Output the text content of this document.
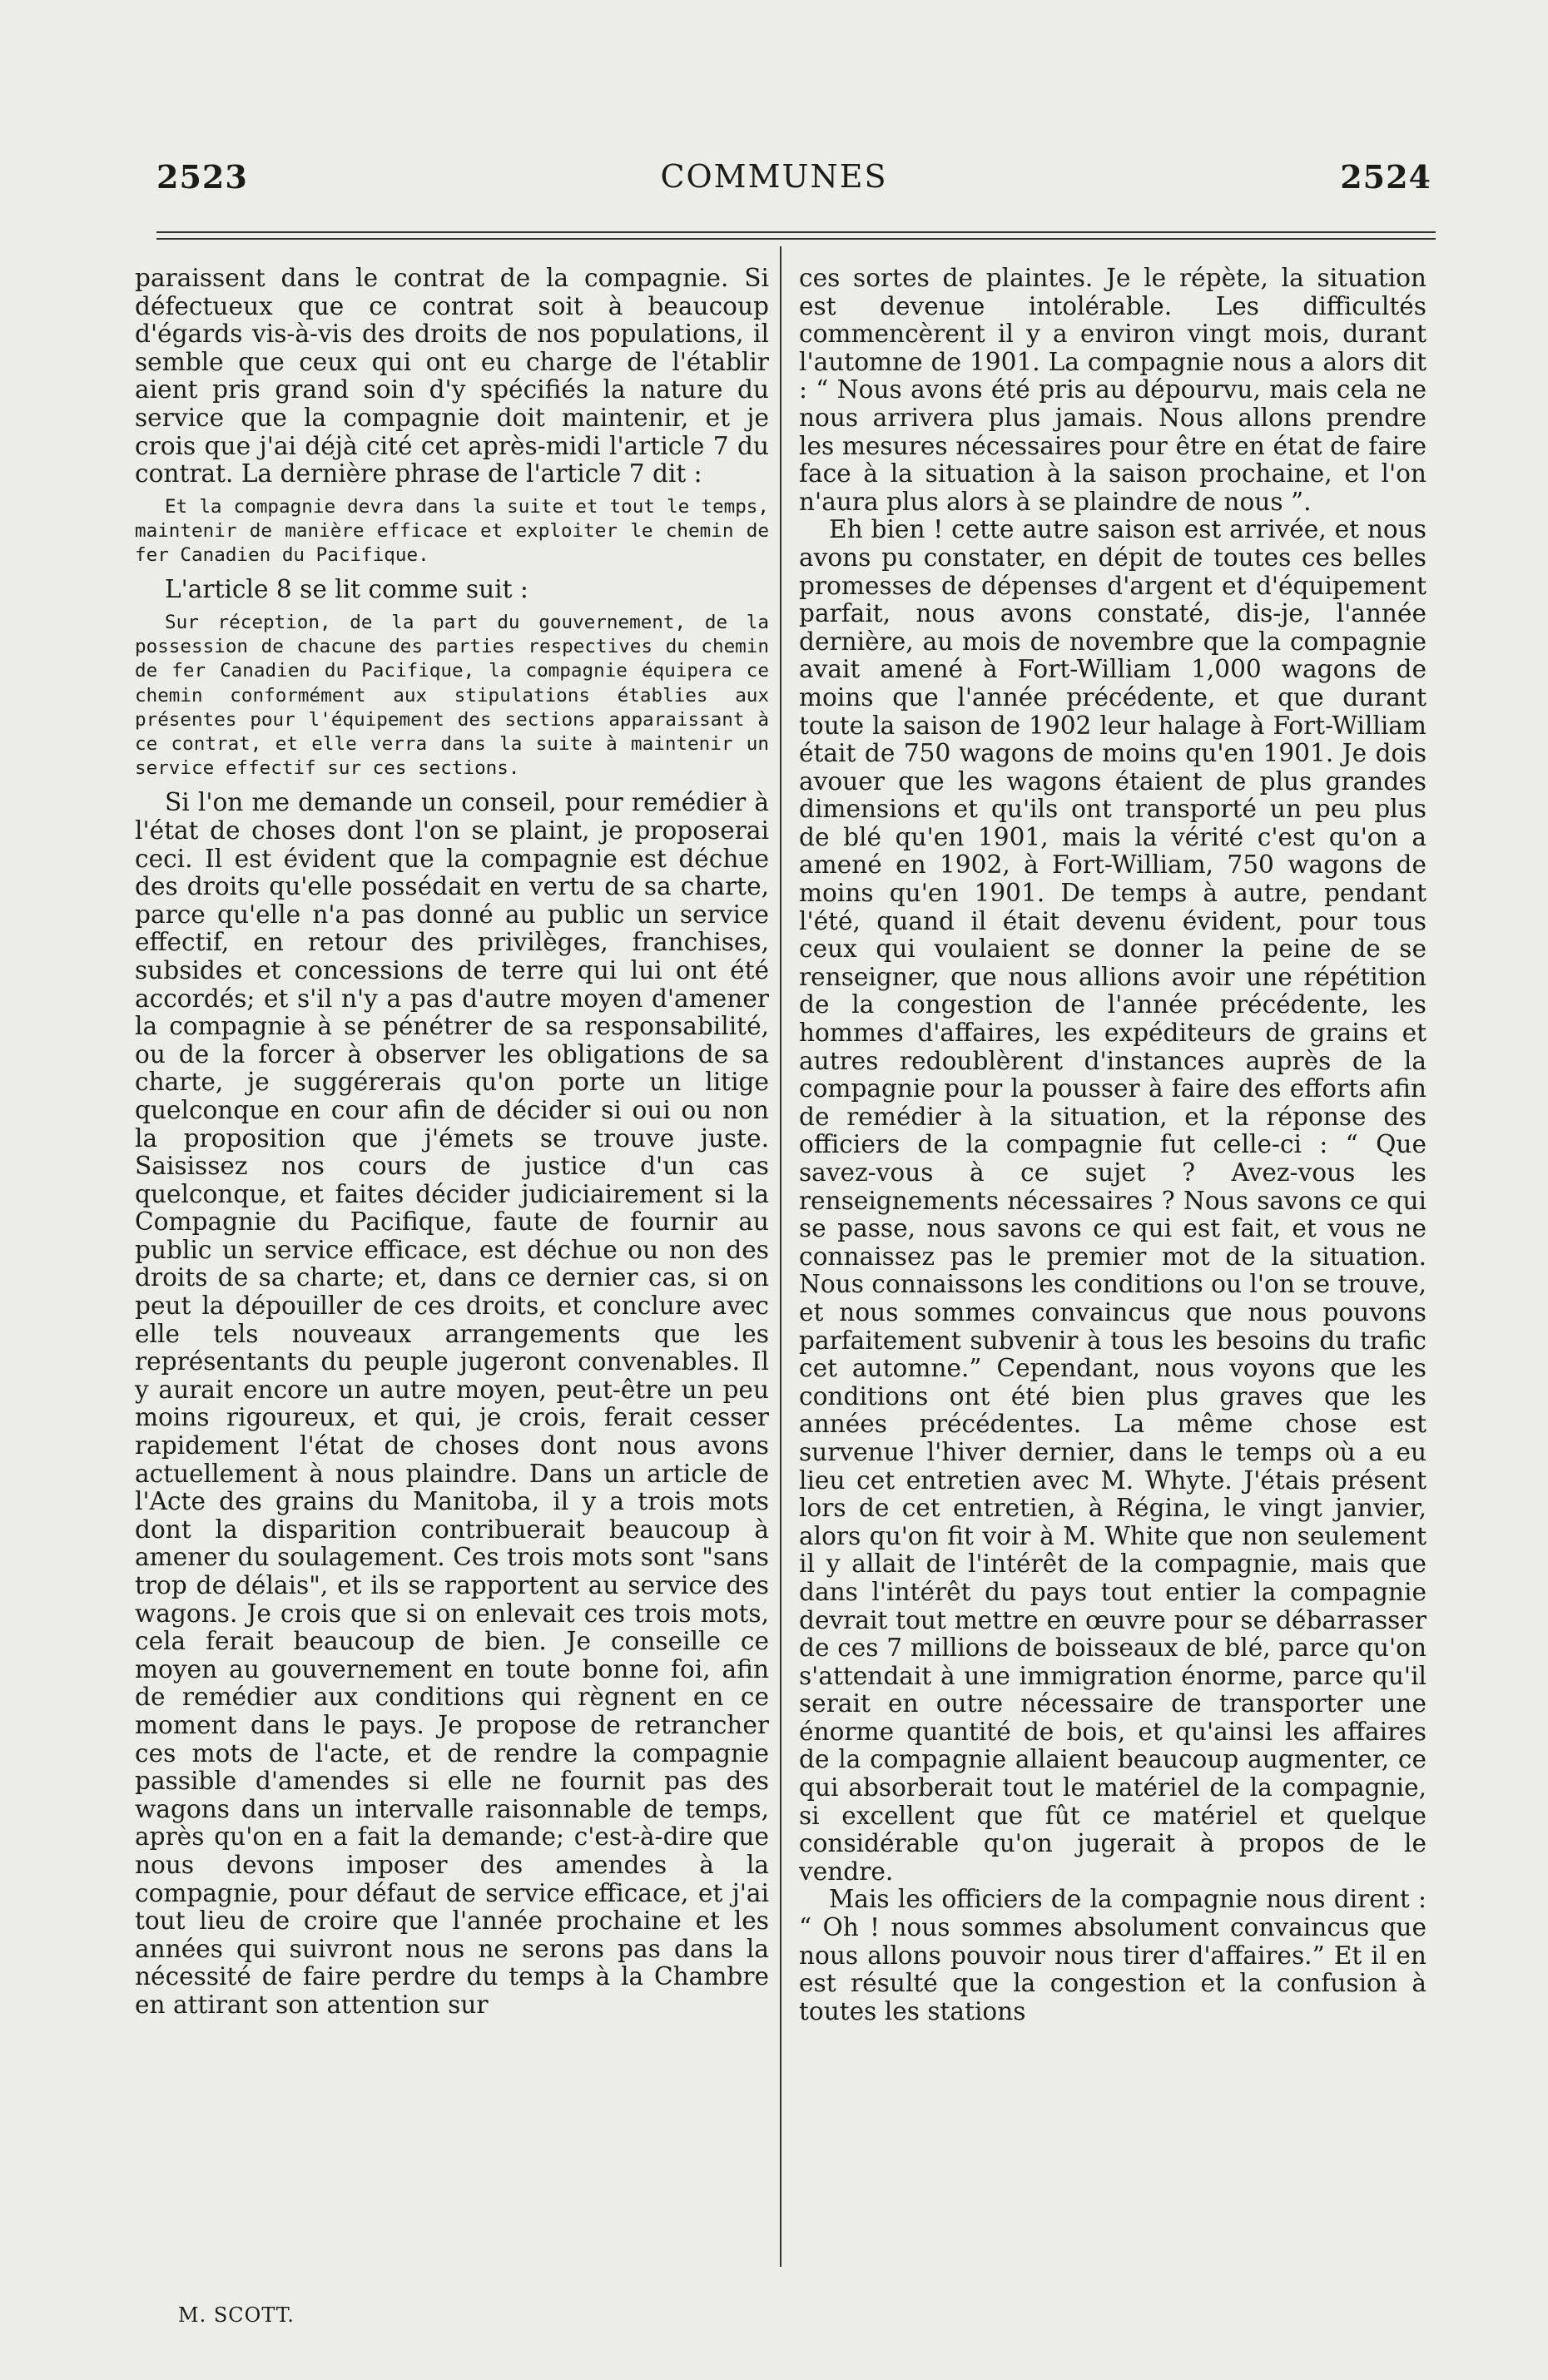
2523	COMMUNES	2524

paraissent dans le contrat de la compagnie. Si défectueux que ce contrat soit à beaucoup d'égards vis-à-vis des droits de nos populations, il semble que ceux qui ont eu charge de l'établir aient pris grand soin d'y spécifiés la nature du service que la compagnie doit maintenir, et je crois que j'ai déjà cité cet après-midi l'article 7 du contrat. La dernière phrase de l'article 7 dit :

Et la compagnie devra dans la suite et tout le temps, maintenir de manière efficace et exploiter le chemin de fer Canadien du Pacifique.

L'article 8 se lit comme suit :

Sur réception, de la part du gouvernement, de la possession de chacune des parties respectives du chemin de fer Canadien du Pacifique, la compagnie équipera ce chemin conformément aux stipulations établies aux présentes pour l'équipement des sections apparaissant à ce contrat, et elle verra dans la suite à maintenir un service effectif sur ces sections.

Si l'on me demande un conseil, pour remédier à l'état de choses dont l'on se plaint, je proposerai ceci. Il est évident que la compagnie est déchue des droits qu'elle possédait en vertu de sa charte, parce qu'elle n'a pas donné au public un service effectif, en retour des privilèges, franchises, subsides et concessions de terre qui lui ont été accordés; et s'il n'y a pas d'autre moyen d'amener la compagnie à se pénétrer de sa responsabilité, ou de la forcer à observer les obligations de sa charte, je suggérerais qu'on porte un litige quelconque en cour afin de décider si oui ou non la proposition que j'émets se trouve juste. Saisissez nos cours de justice d'un cas quelconque, et faites décider judiciairement si la Compagnie du Pacifique, faute de fournir au public un service efficace, est déchue ou non des droits de sa charte; et, dans ce dernier cas, si on peut la dépouiller de ces droits, et conclure avec elle tels nouveaux arrangements que les représentants du peuple jugeront convenables. Il y aurait encore un autre moyen, peut-être un peu moins rigoureux, et qui, je crois, ferait cesser rapidement l'état de choses dont nous avons actuellement à nous plaindre. Dans un article de l'Acte des grains du Manitoba, il y a trois mots dont la disparition contribuerait beaucoup à amener du soulagement. Ces trois mots sont "sans trop de délais", et ils se rapportent au service des wagons. Je crois que si on enlevait ces trois mots, cela ferait beaucoup de bien. Je conseille ce moyen au gouvernement en toute bonne foi, afin de remédier aux conditions qui règnent en ce moment dans le pays. Je propose de retrancher ces mots de l'acte, et de rendre la compagnie passible d'amendes si elle ne fournit pas des wagons dans un intervalle raisonnable de temps, après qu'on en a fait la demande; c'est-à-dire que nous devons imposer des amendes à la compagnie, pour défaut de service efficace, et j'ai tout lieu de croire que l'année prochaine et les années qui suivront nous ne serons pas dans la nécessité de faire perdre du temps à la Chambre en attirant son attention sur

ces sortes de plaintes. Je le répète, la situation est devenue intolérable. Les difficultés commencèrent il y a environ vingt mois, durant l'automne de 1901. La compagnie nous a alors dit : “ Nous avons été pris au dépourvu, mais cela ne nous arrivera plus jamais. Nous allons prendre les mesures nécessaires pour être en état de faire face à la situation à la saison prochaine, et l'on n'aura plus alors à se plaindre de nous ”.

Eh bien ! cette autre saison est arrivée, et nous avons pu constater, en dépit de toutes ces belles promesses de dépenses d'argent et d'équipement parfait, nous avons constaté, dis-je, l'année dernière, au mois de novembre que la compagnie avait amené à Fort-William 1,000 wagons de moins que l'année précédente, et que durant toute la saison de 1902 leur halage à Fort-William était de 750 wagons de moins qu'en 1901. Je dois avouer que les wagons étaient de plus grandes dimensions et qu'ils ont transporté un peu plus de blé qu'en 1901, mais la vérité c'est qu'on a amené en 1902, à Fort-William, 750 wagons de moins qu'en 1901. De temps à autre, pendant l'été, quand il était devenu évident, pour tous ceux qui voulaient se donner la peine de se renseigner, que nous allions avoir une répétition de la congestion de l'année précédente, les hommes d'affaires, les expéditeurs de grains et autres redoublèrent d'instances auprès de la compagnie pour la pousser à faire des efforts afin de remédier à la situation, et la réponse des officiers de la compagnie fut celle-ci : “ Que savez-vous à ce sujet ? Avez-vous les renseignements nécessaires ? Nous savons ce qui se passe, nous savons ce qui est fait, et vous ne connaissez pas le premier mot de la situation. Nous connaissons les conditions ou l'on se trouve, et nous sommes convaincus que nous pouvons parfaitement subvenir à tous les besoins du trafic cet automne.” Cependant, nous voyons que les conditions ont été bien plus graves que les années précédentes. La même chose est survenue l'hiver dernier, dans le temps où a eu lieu cet entretien avec M. Whyte. J'étais présent lors de cet entretien, à Régina, le vingt janvier, alors qu'on fit voir à M. White que non seulement il y allait de l'intérêt de la compagnie, mais que dans l'intérêt du pays tout entier la compagnie devrait tout mettre en œuvre pour se débarrasser de ces 7 millions de boisseaux de blé, parce qu'on s'attendait à une immigration énorme, parce qu'il serait en outre nécessaire de transporter une énorme quantité de bois, et qu'ainsi les affaires de la compagnie allaient beaucoup augmenter, ce qui absorberait tout le matériel de la compagnie, si excellent que fût ce matériel et quelque considérable qu'on jugerait à propos de le vendre.

Mais les officiers de la compagnie nous dirent : “ Oh ! nous sommes absolument convaincus que nous allons pouvoir nous tirer d'affaires.” Et il en est résulté que la congestion et la confusion à toutes les stations

M. SCOTT.
